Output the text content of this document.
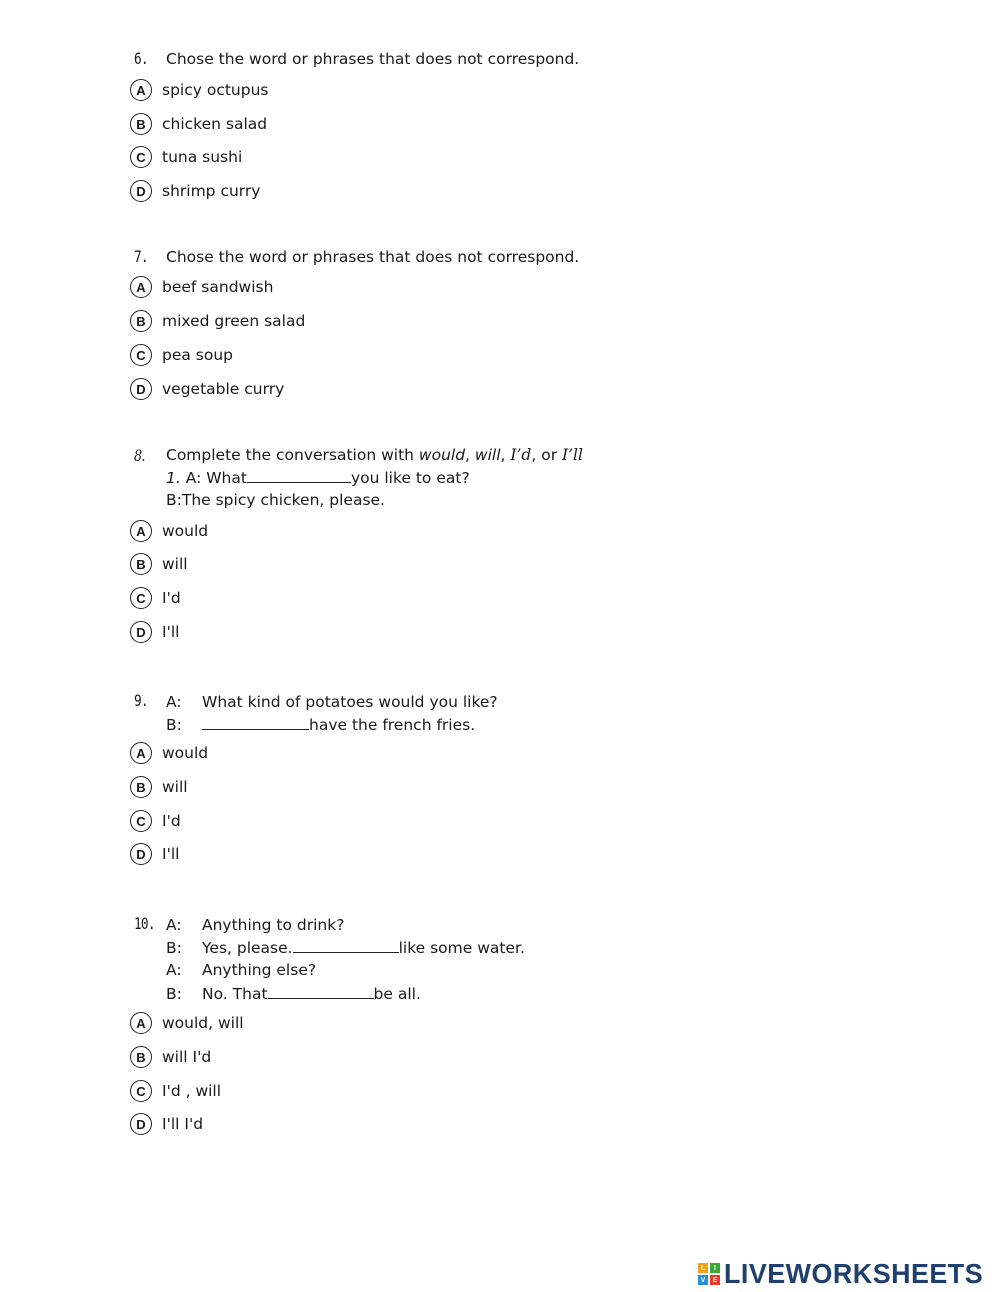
6. Chose the word or phrases that does not correspond.
A	spicy octupus
B	chicken salad
C	tuna sushi
D	shrimp curry
7. Chose the word or phrases that does not correspond.
A	beef sandwish
B	mixed green salad
C	pea soup
D	vegetable curry
8. Complete the conversation with would, will, I’d, or I’ll
1. A: What	you like to eat?
B:The spicy chicken, please.
A	would
B	will
C	I'd
D	I'll
9. A: What kind of potatoes would you like?
B:	have the french fries.
A	would
B	will
C	I'd
D	I'll
10. A: Anything to drink?
B: Yes, please.	like some water.
A: Anything else?
B: No. That	be all.
A	would, will
B	will I'd
C	I'd , will
D	I'll I'd
L	I
V	E LIVEWORKSHEETS
